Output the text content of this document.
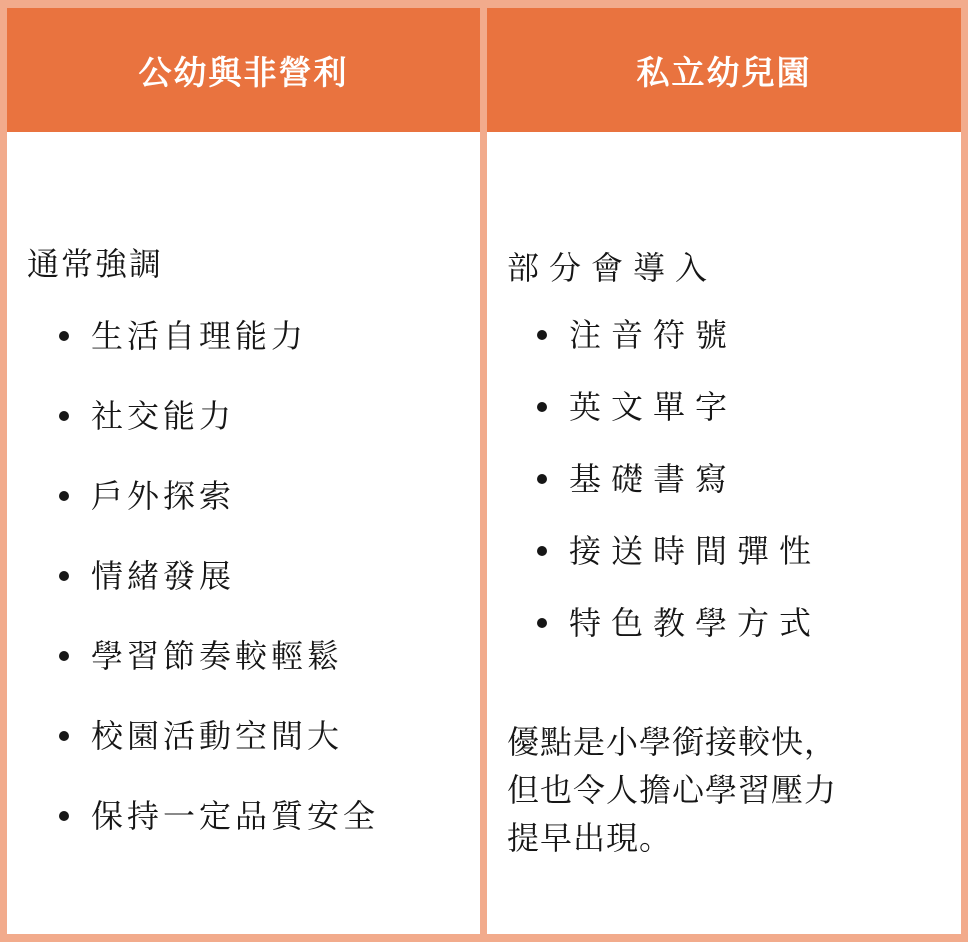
公幼與非營利
通常強調
生活自理能力
社交能力
戶外探索
情緒發展
學習節奏較輕鬆
校園活動空間大
保持一定品質安全
私立幼兒園
部分會導入
注音符號
英文單字
基礎書寫
接送時間彈性
特色教學方式
優點是小學銜接較快，
但也令人擔心學習壓力
提早出現。
